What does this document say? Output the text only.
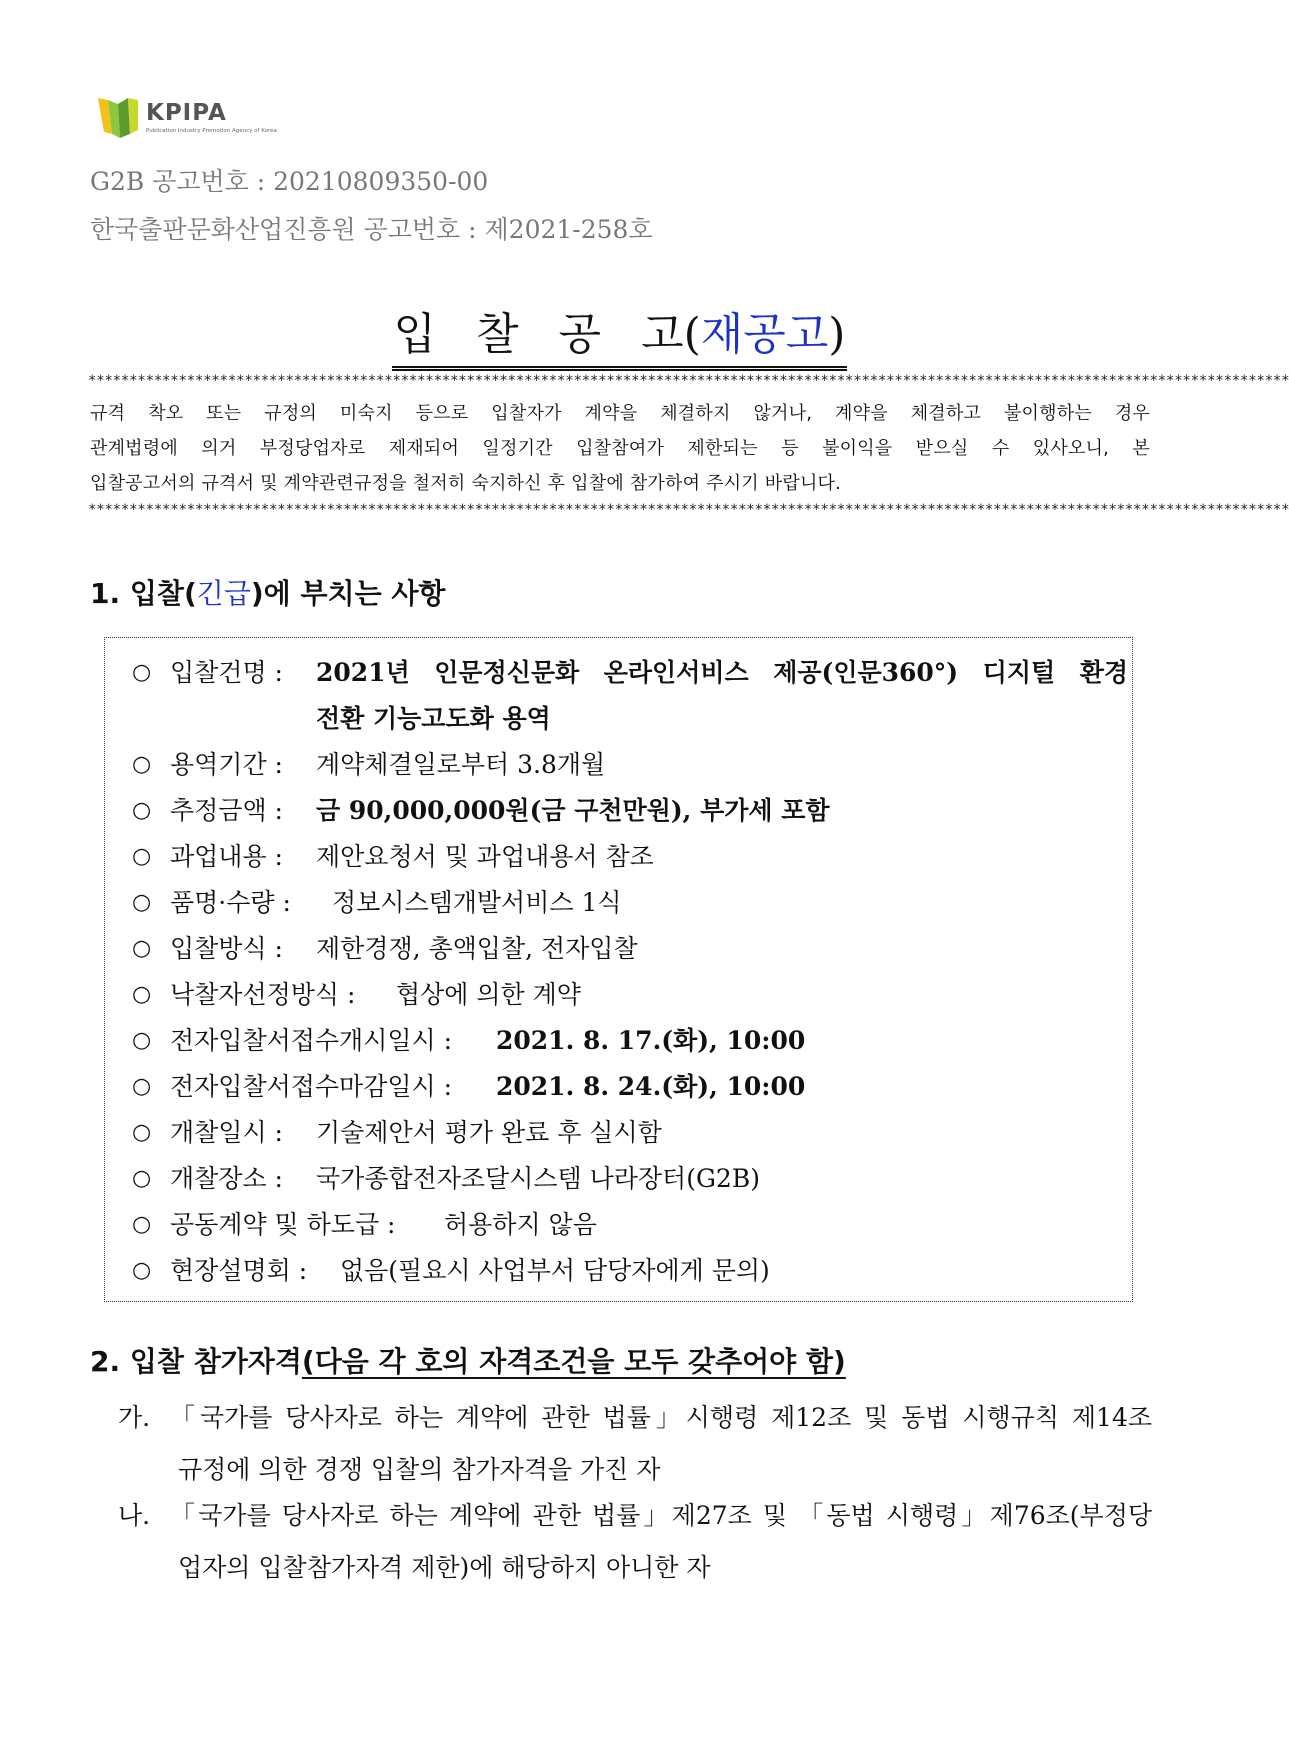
KPIPA
Publication Industry Promotion Agency of Korea
G2B 공고번호 : 20210809350-00
한국출판문화산업진흥원 공고번호 : 제2021-258호
입찰공고(재공고)
**************************************************************************************************************************************************
규격 착오 또는 규정의 미숙지 등으로 입찰자가 계약을 체결하지 않거나, 계약을 체결하고 불이행하는 경우
관계법령에 의거 부정당업자로 제재되어 일정기간 입찰참여가 제한되는 등 불이익을 받으실 수 있사오니, 본
입찰공고서의 규격서 및 계약관련규정을 철저히 숙지하신 후 입찰에 참가하여 주시기 바랍니다.
**************************************************************************************************************************************************
1. 입찰(긴급)에 부치는 사항
○ 입찰건명 : 2021년 인문정신문화 온라인서비스 제공(인문360°) 디지털 환경
전환 기능고도화 용역
○ 용역기간 : 계약체결일로부터 3.8개월
○ 추정금액 : 금 90,000,000원(금 구천만원), 부가세 포함
○ 과업내용 : 제안요청서 및 과업내용서 참조
○ 품명·수량 : 정보시스템개발서비스 1식
○ 입찰방식 : 제한경쟁, 총액입찰, 전자입찰
○ 낙찰자선정방식 : 협상에 의한 계약
○ 전자입찰서접수개시일시 : 2021. 8. 17.(화), 10:00
○ 전자입찰서접수마감일시 : 2021. 8. 24.(화), 10:00
○ 개찰일시 : 기술제안서 평가 완료 후 실시함
○ 개찰장소 : 국가종합전자조달시스템 나라장터(G2B)
○ 공동계약 및 하도급 : 허용하지 않음
○ 현장설명회 : 없음(필요시 사업부서 담당자에게 문의)
2. 입찰 참가자격(다음 각 호의 자격조건을 모두 갖추어야 함)
가. 「국가를 당사자로 하는 계약에 관한 법률」시행령 제12조 및 동법 시행규칙 제14조
규정에 의한 경쟁 입찰의 참가자격을 가진 자
나. 「국가를 당사자로 하는 계약에 관한 법률」제27조 및 「동법 시행령」제76조(부정당
업자의 입찰참가자격 제한)에 해당하지 아니한 자
